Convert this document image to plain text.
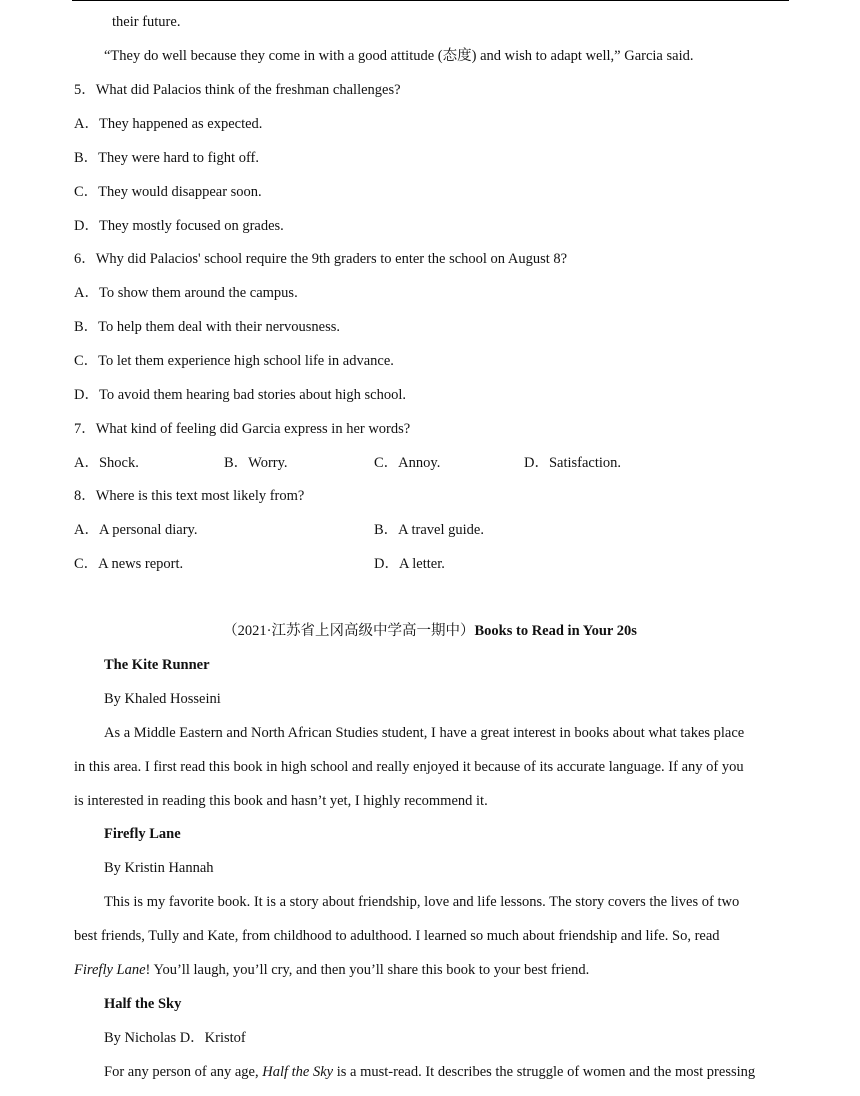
their future.
“They do well because they come in with a good attitude (态度) and wish to adapt well,” Garcia said.
5．What did Palacios think of the freshman challenges?
A．They happened as expected.
B．They were hard to fight off.
C．They would disappear soon.
D．They mostly focused on grades.
6．Why did Palacios' school require the 9th graders to enter the school on August 8?
A．To show them around the campus.
B．To help them deal with their nervousness.
C．To let them experience high school life in advance.
D．To avoid them hearing bad stories about high school.
7．What kind of feeling did Garcia express in her words?
A．Shock.	B．Worry.	C．Annoy.	D．Satisfaction.
8．Where is this text most likely from?
A．A personal diary.	B．A travel guide.
C．A news report.	D．A letter.
（2021·江苏省上冈高级中学高一期中）Books to Read in Your 20s
The Kite Runner
By Khaled Hosseini
As a Middle Eastern and North African Studies student, I have a great interest in books about what takes place
in this area. I first read this book in high school and really enjoyed it because of its accurate language. If any of you
is interested in reading this book and hasn’t yet, I highly recommend it.
Firefly Lane
By Kristin Hannah
This is my favorite book. It is a story about friendship, love and life lessons. The story covers the lives of two
best friends, Tully and Kate, from childhood to adulthood. I learned so much about friendship and life. So, read
Firefly Lane! You’ll laugh, you’ll cry, and then you’ll share this book to your best friend.
Half the Sky
By Nicholas D．Kristof
For any person of any age, Half the Sky is a must-read. It describes the struggle of women and the most pressing
